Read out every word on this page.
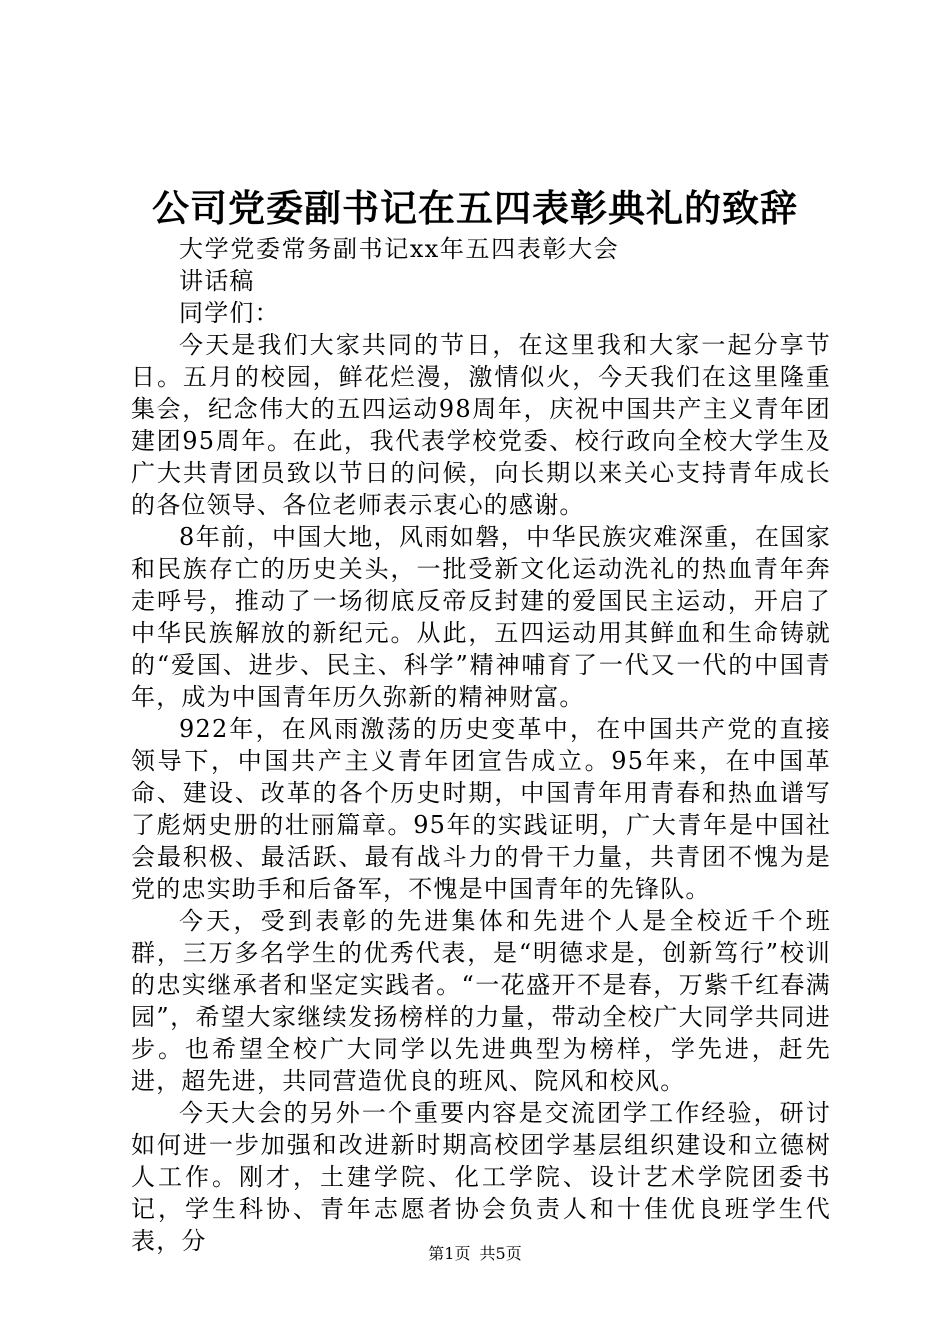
公司党委副书记在五四表彰典礼的致辞

大学党委常务副书记xx年五四表彰大会讲话稿

同学们：

今天是我们大家共同的节日，在这里我和大家一起分享节日。五月的校园，鲜花烂漫，激情似火，今天我们在这里隆重集会，纪念伟大的五四运动98周年，庆祝中国共产主义青年团建团95周年。在此，我代表学校党委、校行政向全校大学生及广大共青团员致以节日的问候，向长期以来关心支持青年成长的各位领导、各位老师表示衷心的感谢。

8年前，中国大地，风雨如磐，中华民族灾难深重，在国家和民族存亡的历史关头，一批受新文化运动洗礼的热血青年奔走呼号，推动了一场彻底反帝反封建的爱国民主运动，开启了中华民族解放的新纪元。从此，五四运动用其鲜血和生命铸就的“爱国、进步、民主、科学”精神哺育了一代又一代的中国青年，成为中国青年历久弥新的精神财富。

922年，在风雨激荡的历史变革中，在中国共产党的直接领导下，中国共产主义青年团宣告成立。95年来，在中国革命、建设、改革的各个历史时期，中国青年用青春和热血谱写了彪炳史册的壮丽篇章。95年的实践证明，广大青年是中国社会最积极、最活跃、最有战斗力的骨干力量，共青团不愧为是党的忠实助手和后备军，不愧是中国青年的先锋队。

今天，受到表彰的先进集体和先进个人是全校近千个班群，三万多名学生的优秀代表，是“明德求是，创新笃行”校训的忠实继承者和坚定实践者。“一花盛开不是春，万紫千红春满园”，希望大家继续发扬榜样的力量，带动全校广大同学共同进步。也希望全校广大同学以先进典型为榜样，学先进，赶先进，超先进，共同营造优良的班风、院风和校风。

今天大会的另外一个重要内容是交流团学工作经验，研讨如何进一步加强和改进新时期高校团学基层组织建设和立德树人工作。刚才，土建学院、化工学院、设计艺术学院团委书记，学生科协、青年志愿者协会负责人和十佳优良班学生代表，分	第1页 共5页
